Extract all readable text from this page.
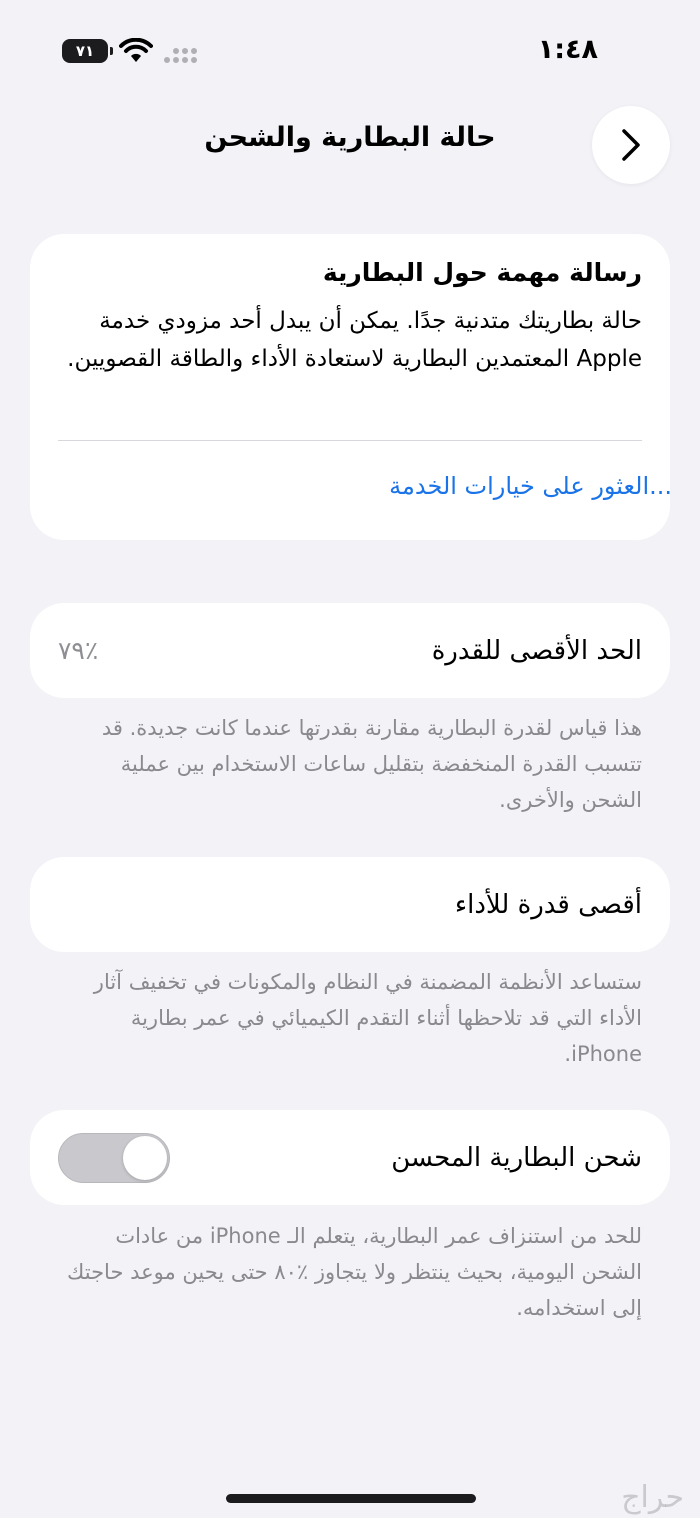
٧١	١:٤٨
حالة البطارية والشحن
رسالة مهمة حول البطارية
حالة بطاريتك متدنية جدًا. يمكن أن يبدل أحد مزودي خدمة Apple المعتمدين البطارية لاستعادة الأداء والطاقة القصويين.
العثور على خيارات الخدمة...
الحد الأقصى للقدرة
٪٧٩
هذا قياس لقدرة البطارية مقارنة بقدرتها عندما كانت جديدة. قد تتسبب القدرة المنخفضة بتقليل ساعات الاستخدام بين عملية الشحن والأخرى.
أقصى قدرة للأداء
ستساعد الأنظمة المضمنة في النظام والمكونات في تخفيف آثار الأداء التي قد تلاحظها أثناء التقدم الكيميائي في عمر بطارية iPhone.
شحن البطارية المحسن
للحد من استنزاف عمر البطارية، يتعلم الـ iPhone من عادات الشحن اليومية، بحيث ينتظر ولا يتجاوز ٪٨٠ حتى يحين موعد حاجتك إلى استخدامه.
حراج
